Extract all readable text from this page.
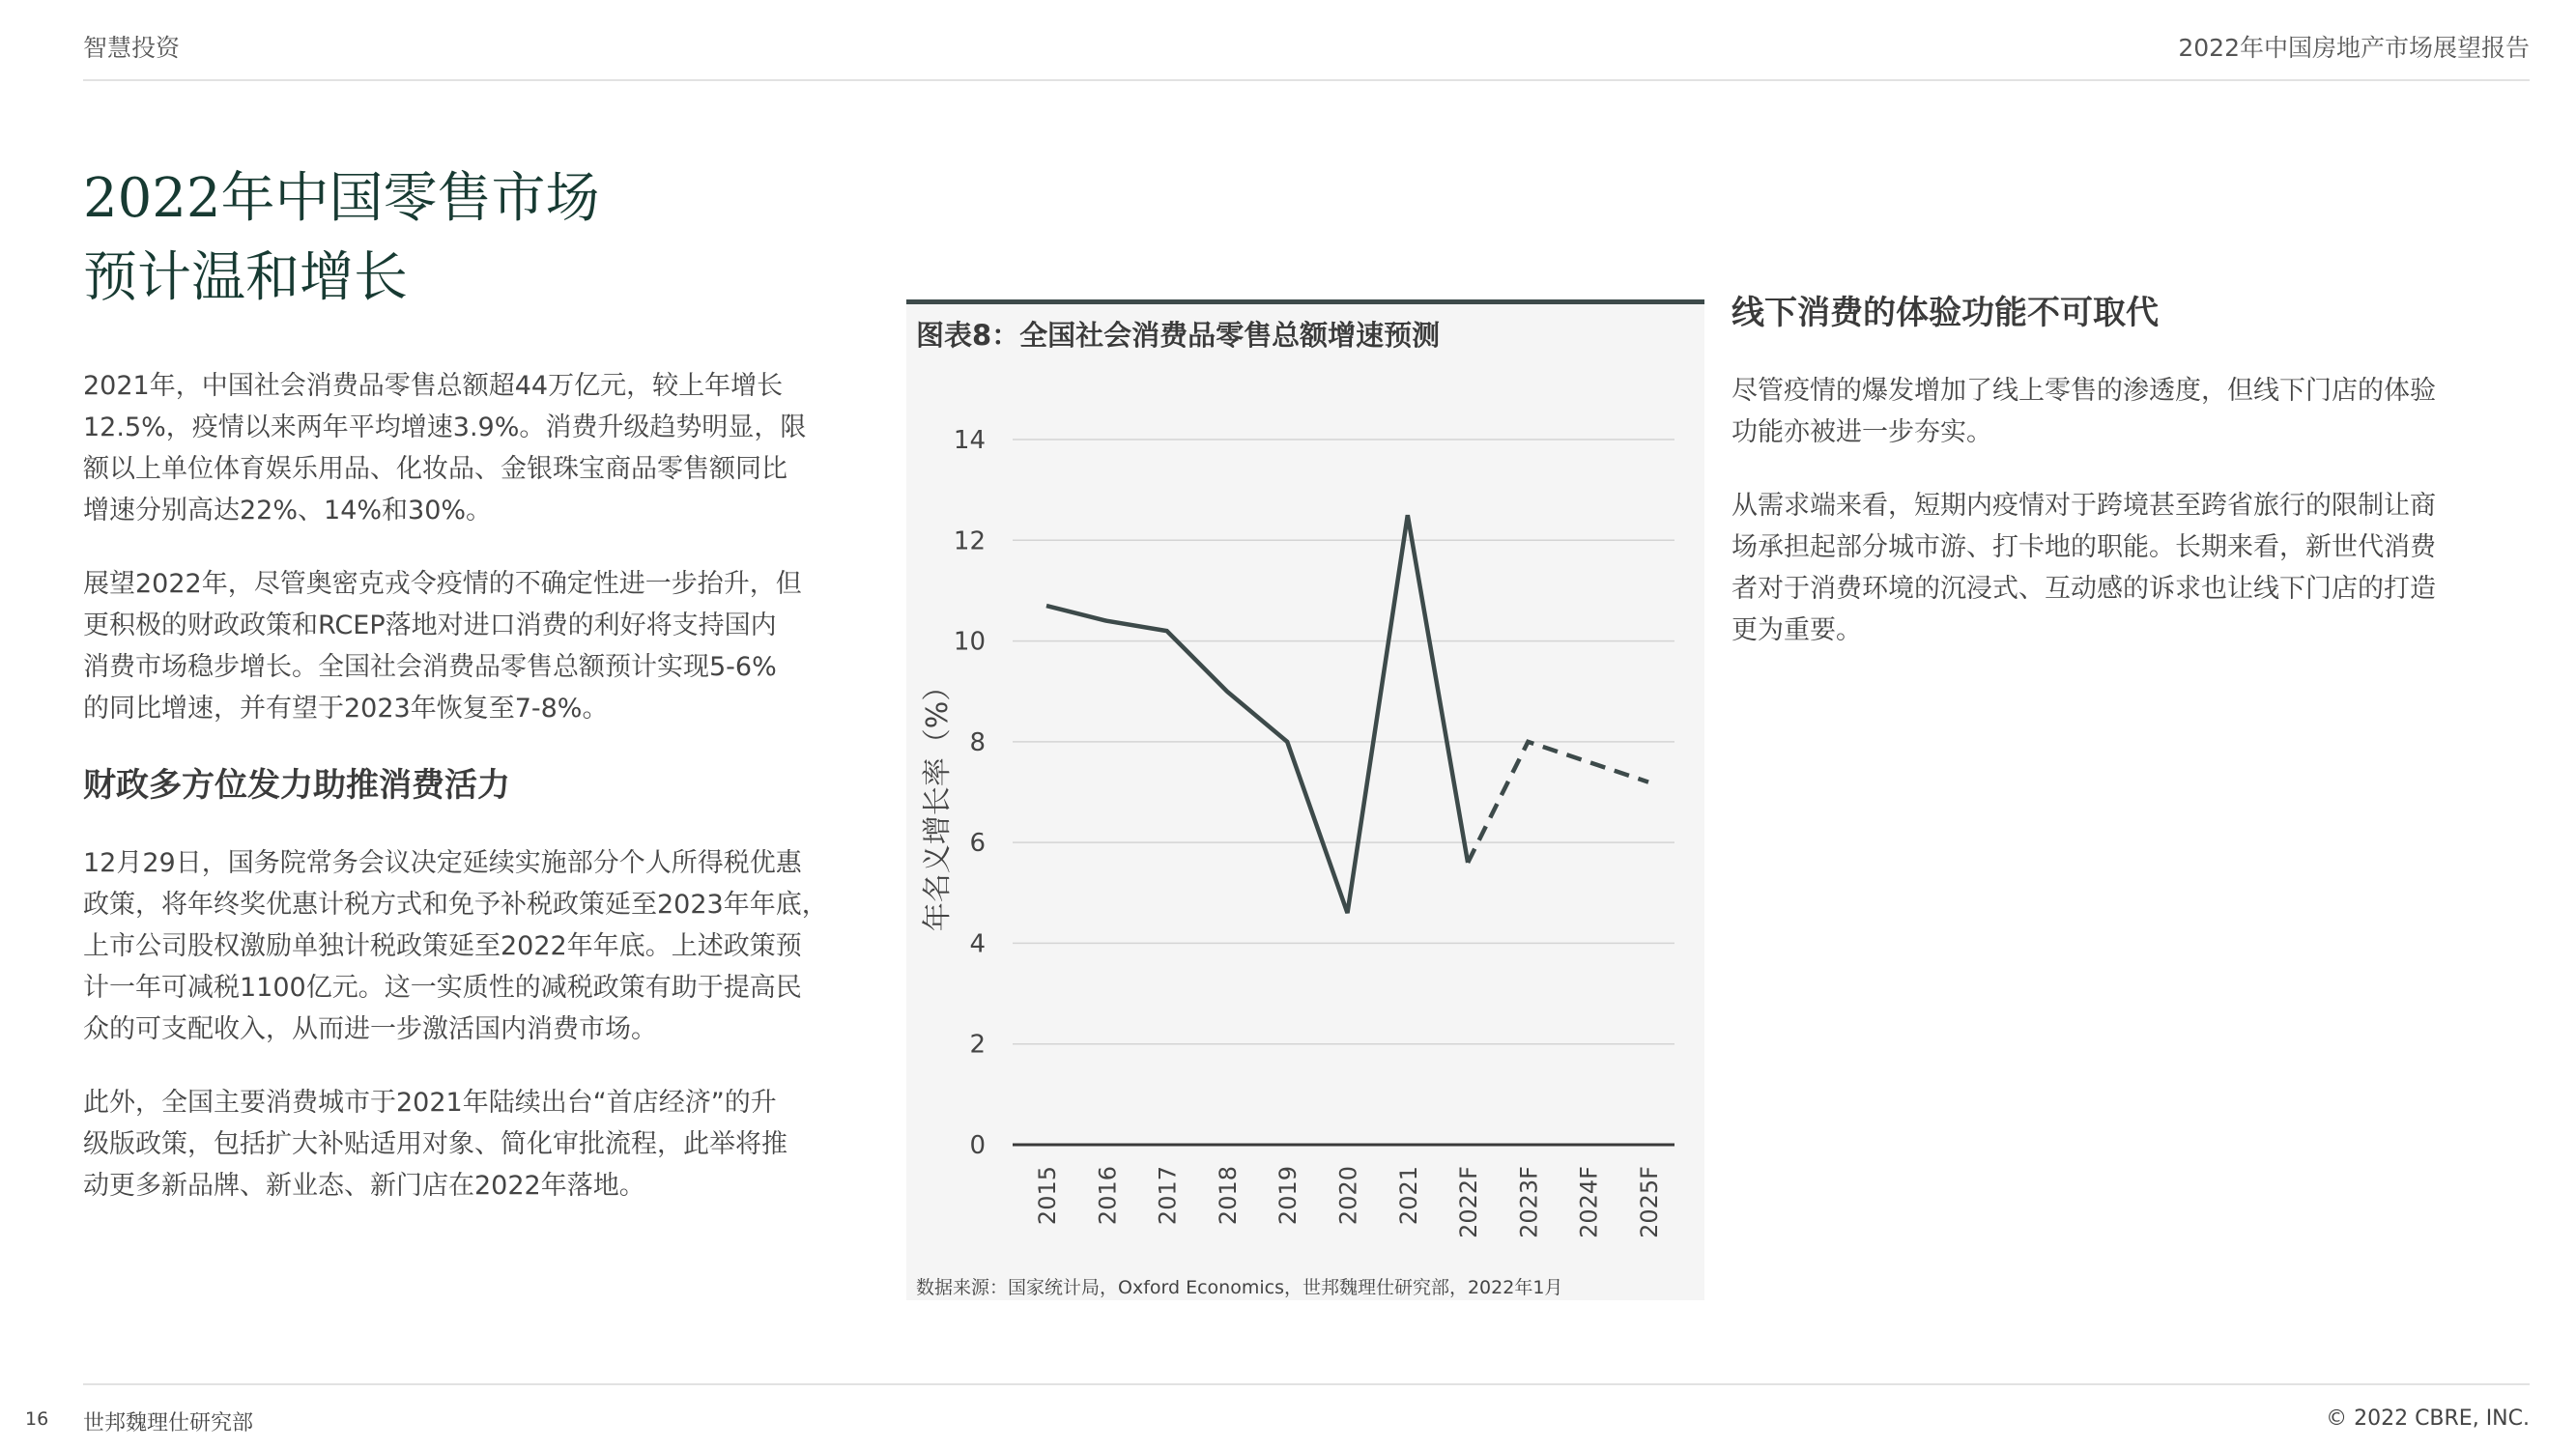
智慧投资	2022年中国房地产市场展望报告
2022年中国零售市场
预计温和增长

2021年，中国社会消费品零售总额超44万亿元，较上年增长
12.5%，疫情以来两年平均增速3.9%。消费升级趋势明显，限
额以上单位体育娱乐用品、化妆品、金银珠宝商品零售额同比
增速分别高达22%、14%和30%。

展望2022年，尽管奥密克戎令疫情的不确定性进一步抬升，但
更积极的财政政策和RCEP落地对进口消费的利好将支持国内
消费市场稳步增长。全国社会消费品零售总额预计实现5-6%
的同比增速，并有望于2023年恢复至7-8%。

财政多方位发力助推消费活力

12月29日，国务院常务会议决定延续实施部分个人所得税优惠
政策，将年终奖优惠计税方式和免予补税政策延至2023年年底，
上市公司股权激励单独计税政策延至2022年年底。上述政策预
计一年可减税1100亿元。这一实质性的减税政策有助于提高民
众的可支配收入，从而进一步激活国内消费市场。

此外，全国主要消费城市于2021年陆续出台“首店经济”的升
级版政策，包括扩大补贴适用对象、简化审批流程，此举将推
动更多新品牌、新业态、新门店在2022年落地。

图表8：全国社会消费品零售总额增速预测
0
2
4
6
8
10
12
14
2015 2016 2017 2018 2019 2020 2021 2022F 2023F 2024F 2025F
年名义增长率（%）
数据来源：国家统计局，Oxford Economics，世邦魏理仕研究部，2022年1月
线下消费的体验功能不可取代

尽管疫情的爆发增加了线上零售的渗透度，但线下门店的体验
功能亦被进一步夯实。

从需求端来看，短期内疫情对于跨境甚至跨省旅行的限制让商
场承担起部分城市游、打卡地的职能。长期来看，新世代消费
者对于消费环境的沉浸式、互动感的诉求也让线下门店的打造
更为重要。

16 世邦魏理仕研究部	© 2022 CBRE, INC.
